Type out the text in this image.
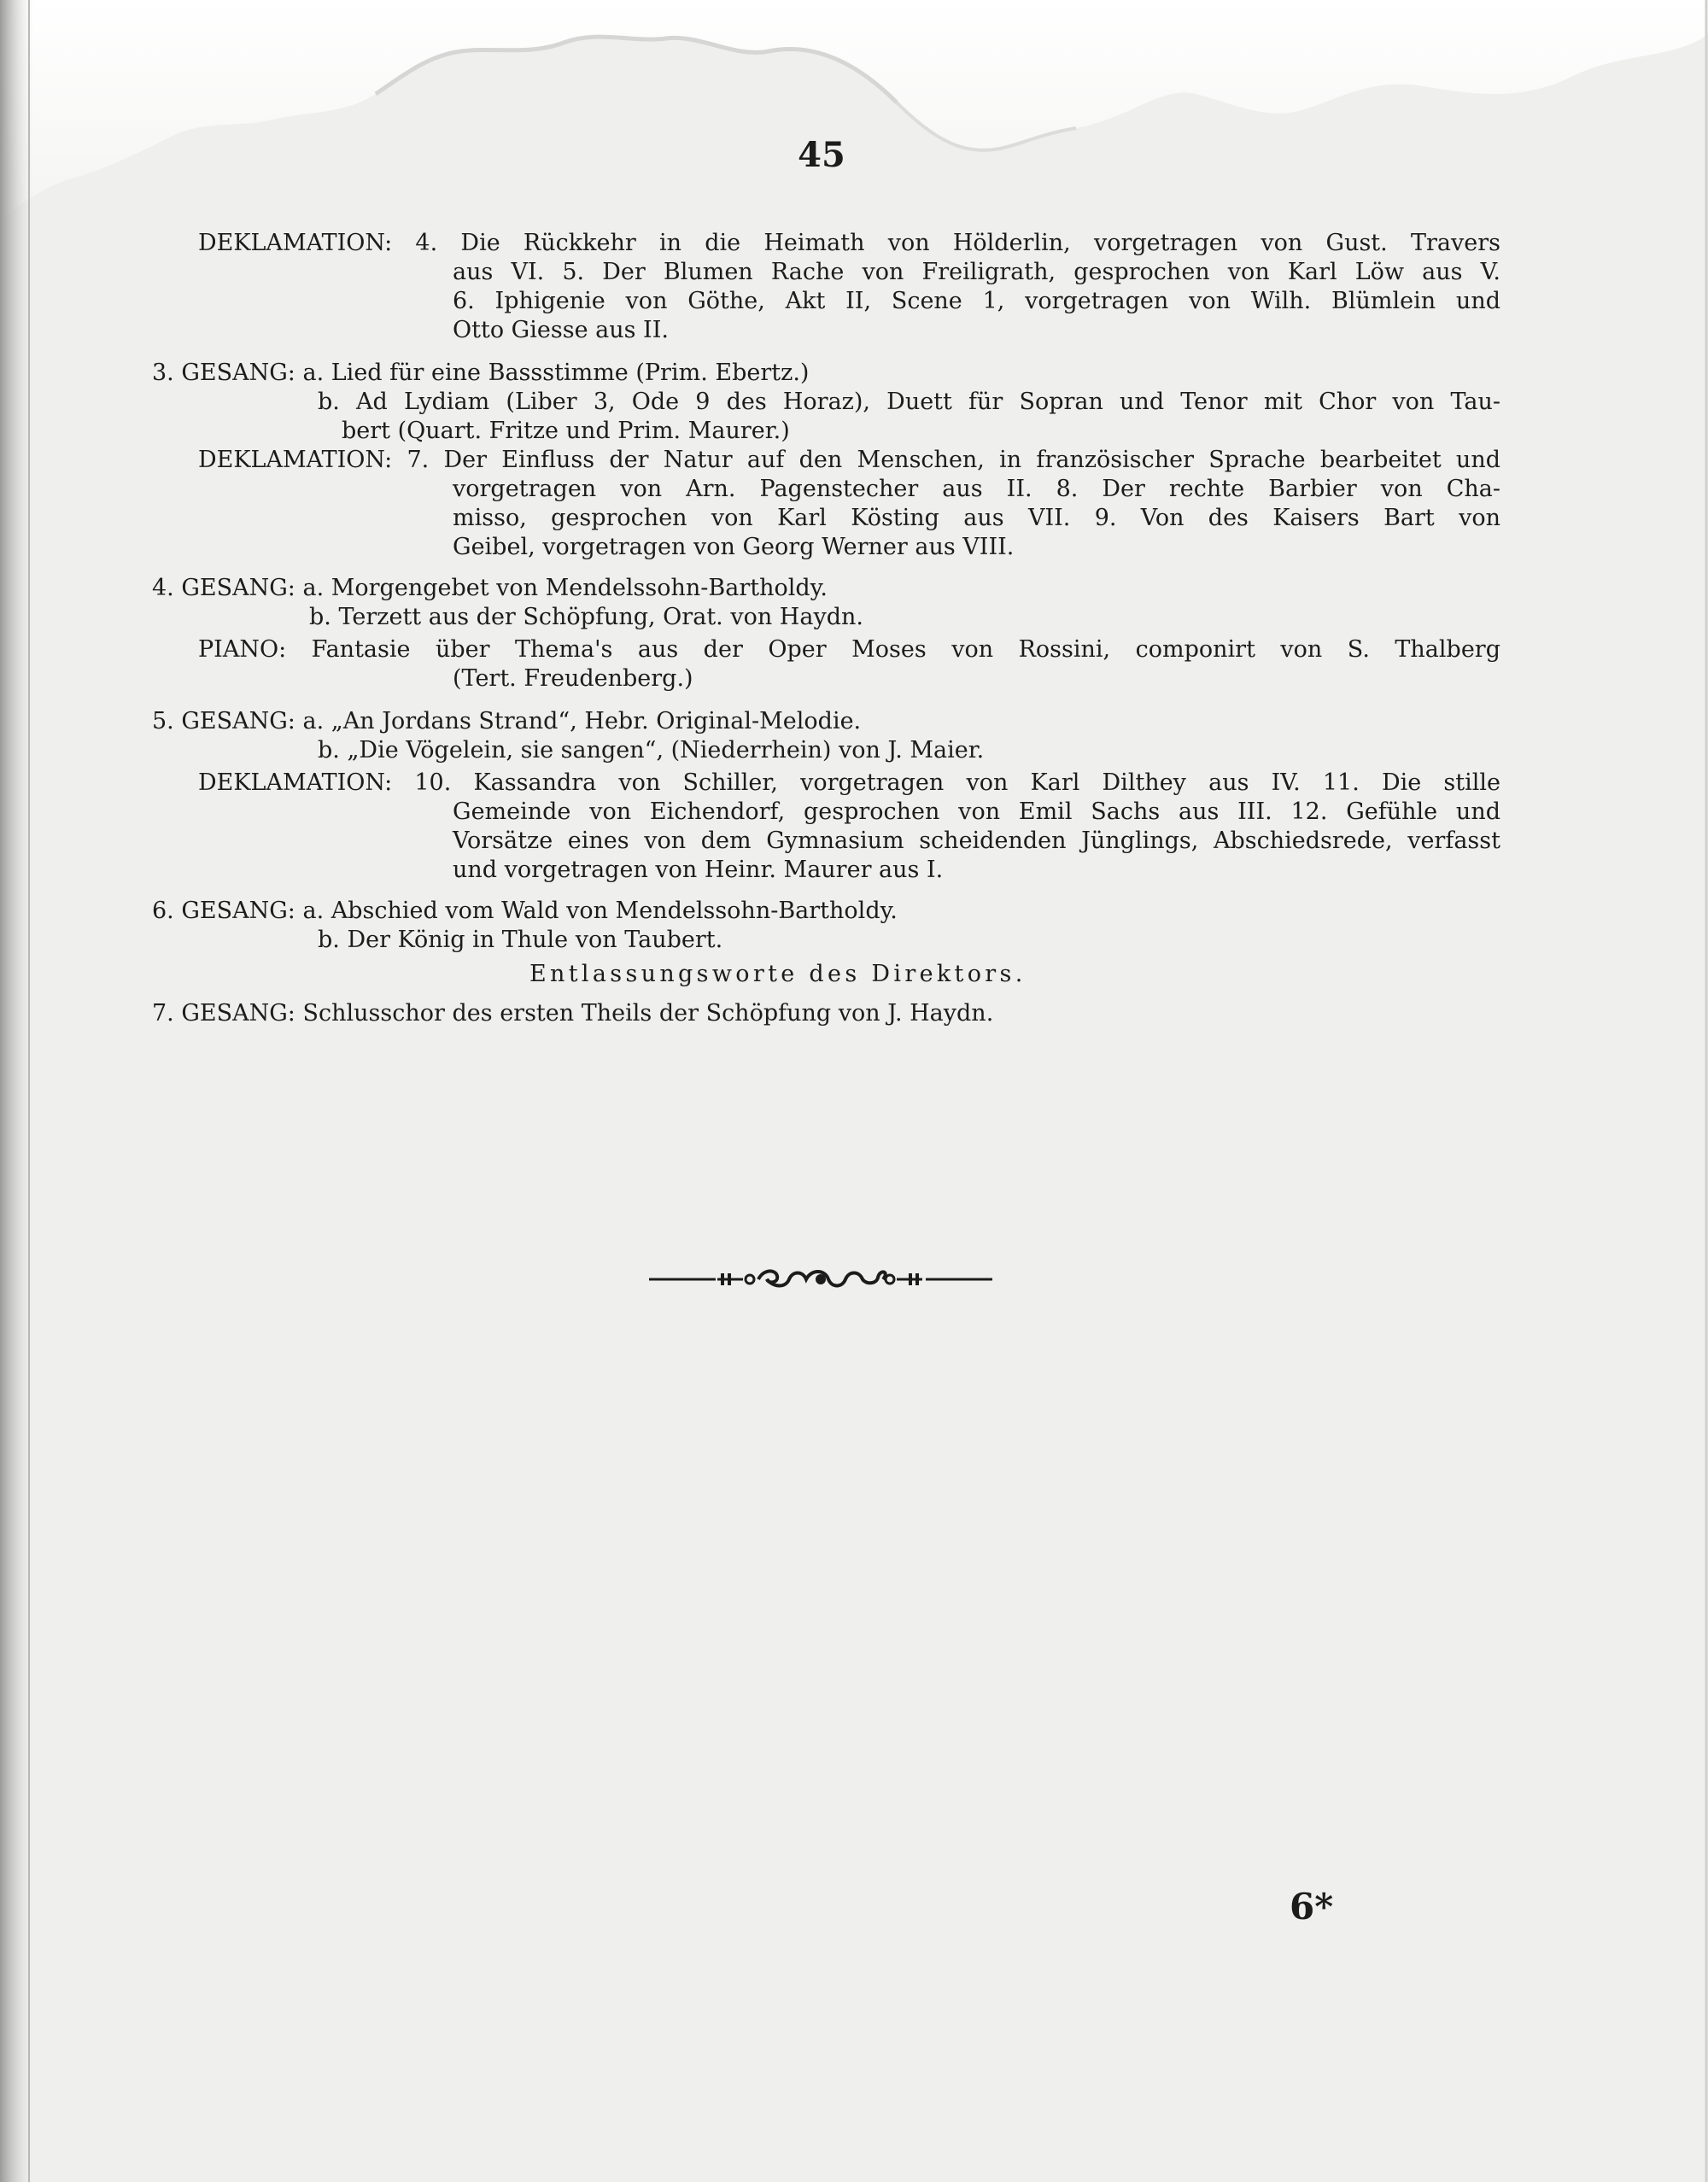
45
DEKLAMATION: 4. Die Rückkehr in die Heimath von Hölderlin, vorgetragen von Gust. Travers
aus VI. 5. Der Blumen Rache von Freiligrath, gesprochen von Karl Löw aus V.
6. Iphigenie von Göthe, Akt II, Scene 1, vorgetragen von Wilh. Blümlein und
Otto Giesse aus II.
3. GESANG: a. Lied für eine Bassstimme (Prim. Ebertz.)
b. Ad Lydiam (Liber 3, Ode 9 des Horaz), Duett für Sopran und Tenor mit Chor von Tau-
bert (Quart. Fritze und Prim. Maurer.)
DEKLAMATION: 7. Der Einfluss der Natur auf den Menschen, in französischer Sprache bearbeitet und
vorgetragen von Arn. Pagenstecher aus II. 8. Der rechte Barbier von Cha-
misso, gesprochen von Karl Kösting aus VII. 9. Von des Kaisers Bart von
Geibel, vorgetragen von Georg Werner aus VIII.
4. GESANG: a. Morgengebet von Mendelssohn-Bartholdy.
b. Terzett aus der Schöpfung, Orat. von Haydn.
PIANO: Fantasie über Thema's aus der Oper Moses von Rossini, componirt von S. Thalberg
(Tert. Freudenberg.)
5. GESANG: a. „An Jordans Strand“, Hebr. Original-Melodie.
b. „Die Vögelein, sie sangen“, (Niederrhein) von J. Maier.
DEKLAMATION: 10. Kassandra von Schiller, vorgetragen von Karl Dilthey aus IV. 11. Die stille
Gemeinde von Eichendorf, gesprochen von Emil Sachs aus III. 12. Gefühle und
Vorsätze eines von dem Gymnasium scheidenden Jünglings, Abschiedsrede, verfasst
und vorgetragen von Heinr. Maurer aus I.
6. GESANG: a. Abschied vom Wald von Mendelssohn-Bartholdy.
b. Der König in Thule von Taubert.
Entlassungsworte des Direktors.
7. GESANG: Schlusschor des ersten Theils der Schöpfung von J. Haydn.
6*
